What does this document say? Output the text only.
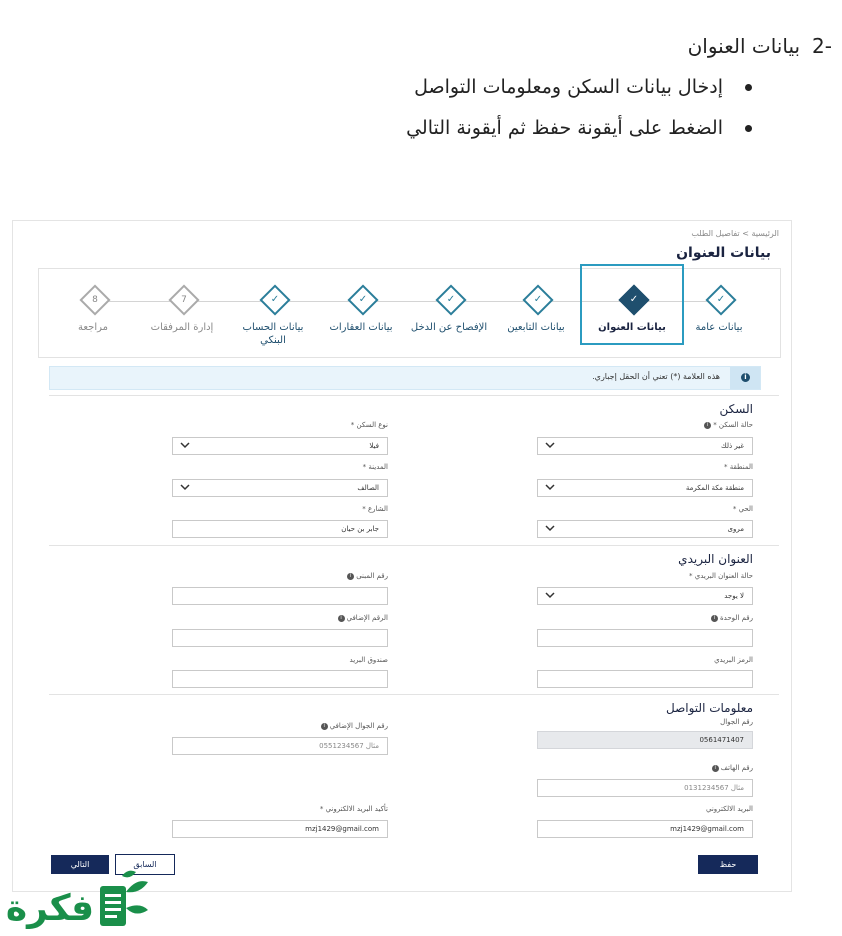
-2بيانات العنوان
إدخال بيانات السكن ومعلومات التواصل
الضغط على أيقونة حفظ ثم أيقونة التالي
الرئيسية > تفاصيل الطلب
بيانات العنوان
✓
بيانات عامة
✓
بيانات العنوان
✓
بيانات التابعين
✓
الإفصاح عن الدخل
✓
بيانات العقارات
✓
بيانات الحساب البنكي
7
إدارة المرفقات
8
مراجعة
i
هذه العلامة (*) تعني أن الحقل إجباري.
السكن
حالة السكن *i
غير ذلك
نوع السكن *
فيلا
المنطقة *
منطقة مكة المكرمة
المدينة *
الصالف
الحي *
مروى
الشارع *
جابر بن حيان
العنوان البريدي
حالة العنوان البريدي *
لا يوجد
رقم المبنىi
رقم الوحدةi
الرقم الإضافيi
الرمز البريدي
صندوق البريد
معلومات التواصل
رقم الجوال
0561471407
رقم الجوال الإضافيi
مثال 0551234567
رقم الهاتفi
مثال 0131234567
البريد الالكتروني
mzj1429@gmail.com
تأكيد البريد الالكتروني *
mzj1429@gmail.com
حفظ
السابق
التالي
فكرة
